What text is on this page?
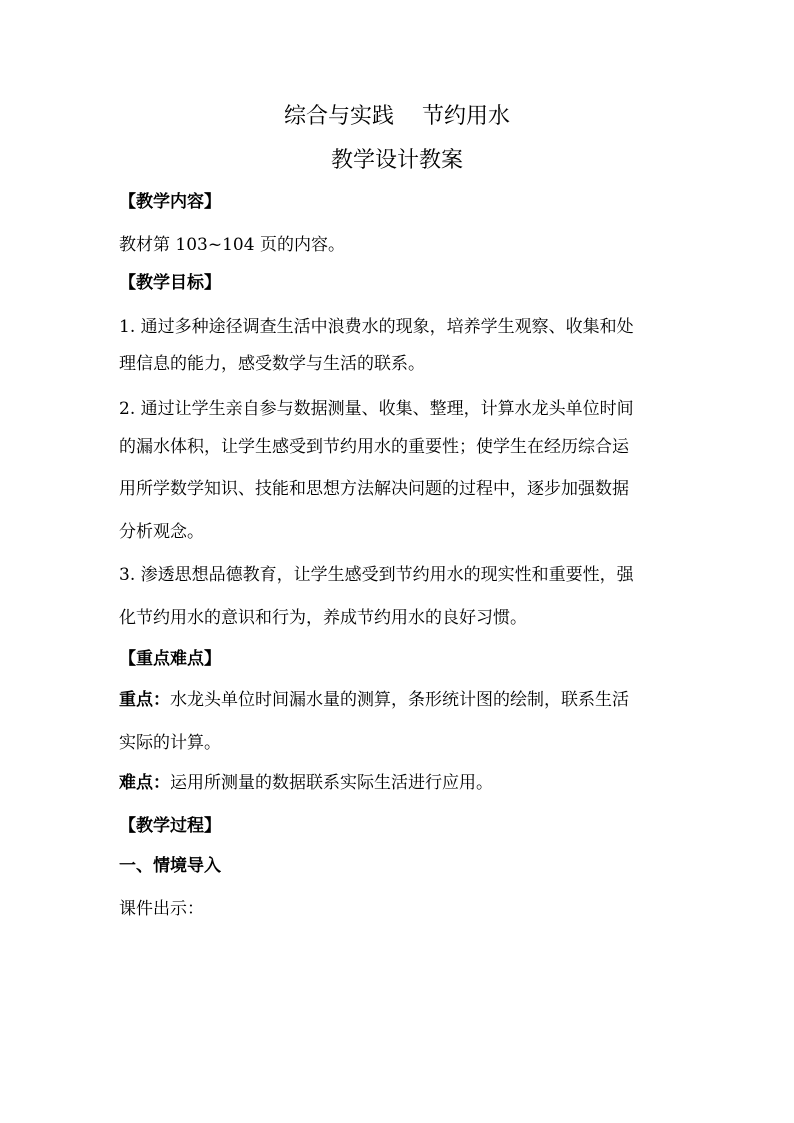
综合与实践    节约用水
教学设计教案
【教学内容】
教材第 103~104 页的内容。
【教学目标】
1. 通过多种途径调查生活中浪费水的现象，培养学生观察、收集和处
理信息的能力，感受数学与生活的联系。
2. 通过让学生亲自参与数据测量、收集、整理，计算水龙头单位时间
的漏水体积，让学生感受到节约用水的重要性；使学生在经历综合运
用所学数学知识、技能和思想方法解决问题的过程中，逐步加强数据
分析观念。
3. 渗透思想品德教育，让学生感受到节约用水的现实性和重要性，强
化节约用水的意识和行为，养成节约用水的良好习惯。
【重点难点】
重点：水龙头单位时间漏水量的测算，条形统计图的绘制，联系生活
实际的计算。
难点：运用所测量的数据联系实际生活进行应用。
【教学过程】
一、情境导入
课件出示：
